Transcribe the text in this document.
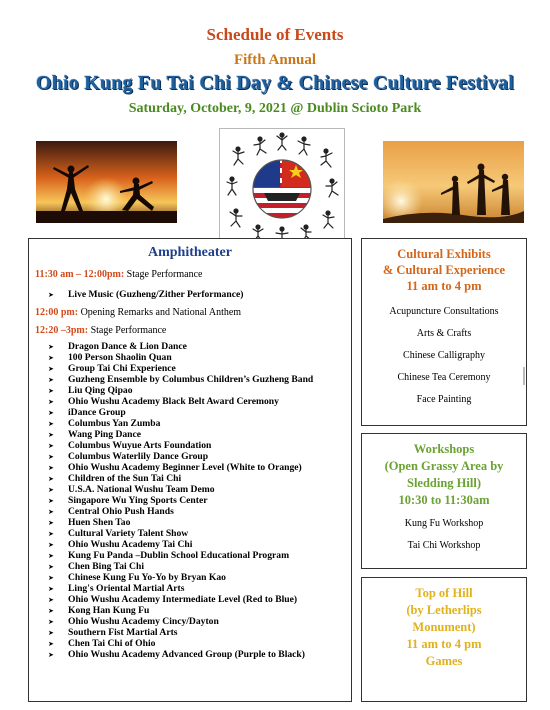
Schedule of Events
Fifth Annual
Ohio Kung Fu Tai Chi Day & Chinese Culture Festival
Saturday, October, 9, 2021 @ Dublin Scioto Park
Amphitheater
11:30 am – 12:00pm: Stage Performance
➤ Live Music (Guzheng/Zither Performance)
12:00 pm: Opening Remarks and National Anthem
12:20 –3pm: Stage Performance
➤ Dragon Dance & Lion Dance
➤ 100 Person Shaolin Quan
➤ Group Tai Chi Experience
➤ Guzheng Ensemble by Columbus Children’s Guzheng Band
➤ Liu Qing Qipao
➤ Ohio Wushu Academy Black Belt Award Ceremony
➤ iDance Group
➤ Columbus Yan Zumba
➤ Wang Ping Dance
➤ Columbus Wuyue Arts Foundation
➤ Columbus Waterlily Dance Group
➤ Ohio Wushu Academy Beginner Level (White to Orange)
➤ Children of the Sun Tai Chi
➤ U.S.A. National Wushu Team Demo
➤ Singapore Wu Ying Sports Center
➤ Central Ohio Push Hands
➤ Huen Shen Tao
➤ Cultural Variety Talent Show
➤ Ohio Wushu Academy Tai Chi
➤ Kung Fu Panda –Dublin School Educational Program
➤ Chen Bing Tai Chi
➤ Chinese Kung Fu Yo-Yo by Bryan Kao
➤ Ling's Oriental Martial Arts
➤ Ohio Wushu Academy Intermediate Level (Red to Blue)
➤ Kong Han Kung Fu
➤ Ohio Wushu Academy Cincy/Dayton
➤ Southern Fist Martial Arts
➤ Chen Tai Chi of Ohio
➤ Ohio Wushu Academy Advanced Group (Purple to Black)
Cultural Exhibits
& Cultural Experience
11 am to 4 pm
Acupuncture Consultations
Arts & Crafts
Chinese Calligraphy
Chinese Tea Ceremony
Face Painting
Workshops
(Open Grassy Area by
Sledding Hill)
10:30 to 11:30am
Kung Fu Workshop
Tai Chi Workshop
Top of Hill
(by Letherlips
Monument)
11 am to 4 pm
Games
